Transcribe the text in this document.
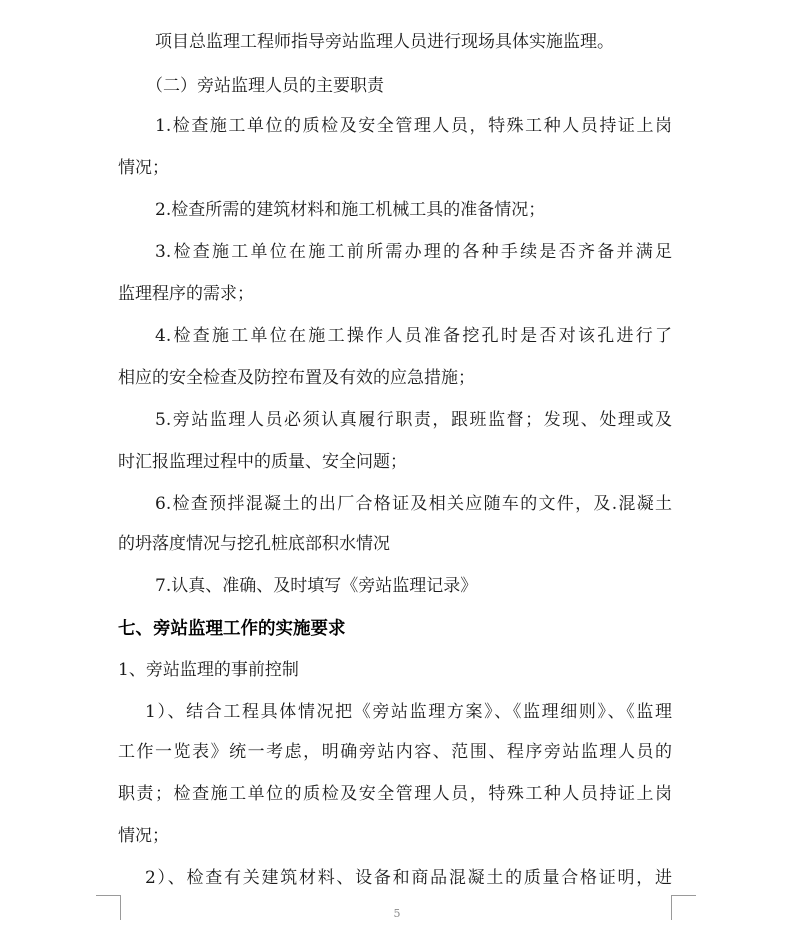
项目总监理工程师指导旁站监理人员进行现场具体实施监理。

（二）旁站监理人员的主要职责

1.检查施工单位的质检及安全管理人员，特殊工种人员持证上岗

情况；

2.检查所需的建筑材料和施工机械工具的准备情况；

3.检查施工单位在施工前所需办理的各种手续是否齐备并满足

监理程序的需求；

4.检查施工单位在施工操作人员准备挖孔时是否对该孔进行了

相应的安全检查及防控布置及有效的应急措施；

5.旁站监理人员必须认真履行职责，跟班监督；发现、处理或及

时汇报监理过程中的质量、安全问题；

6.检查预拌混凝土的出厂合格证及相关应随车的文件，及.混凝土

的坍落度情况与挖孔桩底部积水情况

7.认真、准确、及时填写《旁站监理记录》

七、旁站监理工作的实施要求

1、旁站监理的事前控制

1）、结合工程具体情况把《旁站监理方案》、《监理细则》、《监理

工作一览表》统一考虑，明确旁站内容、范围、程序旁站监理人员的

职责；检查施工单位的质检及安全管理人员，特殊工种人员持证上岗

情况；

2）、检查有关建筑材料、设备和商品混凝土的质量合格证明，进

5
